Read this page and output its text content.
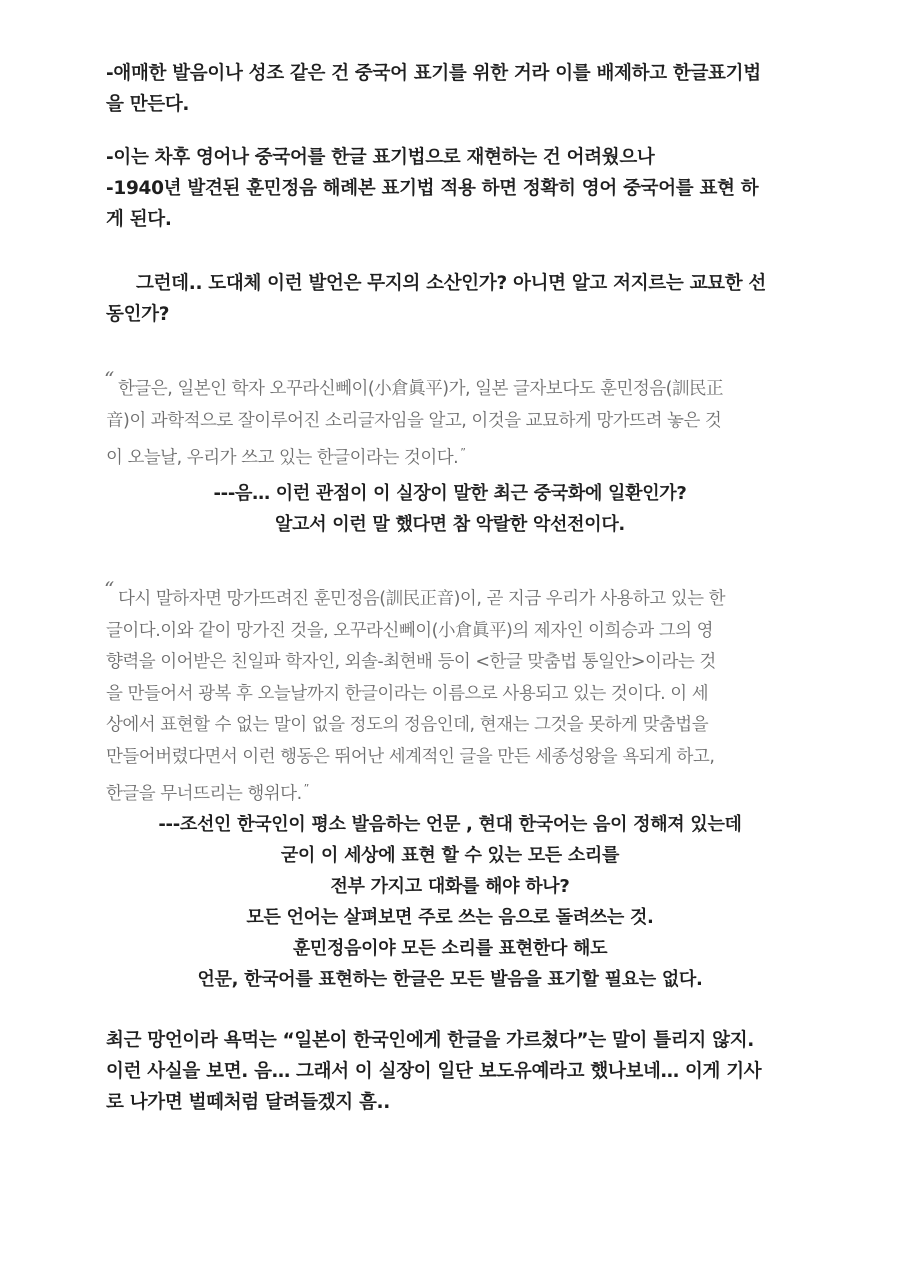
-애매한 발음이나 성조 같은 건 중국어 표기를 위한 거라 이를 배제하고 한글표기법
을 만든다.
-이는 차후 영어나 중국어를 한글 표기법으로 재현하는 건 어려웠으나
-1940년 발견된 훈민정음 해례본 표기법 적용 하면 정확히 영어 중국어를 표현 하
게 된다.
그런데.. 도대체 이런 발언은 무지의 소산인가? 아니면 알고 저지르는 교묘한 선
동인가?
“ 한글은, 일본인 학자 오꾸라신뻬이(小倉眞平)가, 일본 글자보다도 훈민정음(訓民正
音)이 과학적으로 잘이루어진 소리글자임을 알고, 이것을 교묘하게 망가뜨려 놓은 것
이 오늘날, 우리가 쓰고 있는 한글이라는 것이다. ”
---음… 이런 관점이 이 실장이 말한 최근 중국화에 일환인가?
알고서 이런 말 했다면 참 악랄한 악선전이다.
“ 다시 말하자면 망가뜨려진 훈민정음(訓民正音)이, 곧 지금 우리가 사용하고 있는 한
글이다.이와 같이 망가진 것을, 오꾸라신뻬이(小倉眞平)의 제자인 이희승과 그의 영
향력을 이어받은 친일파 학자인, 외솔-최현배 등이 <한글 맞춤법 통일안>이라는 것
을 만들어서 광복 후 오늘날까지 한글이라는 이름으로 사용되고 있는 것이다. 이 세
상에서 표현할 수 없는 말이 없을 정도의 정음인데, 현재는 그것을 못하게 맞춤법을
만들어버렸다면서 이런 행동은 뛰어난 세계적인 글을 만든 세종성왕을 욕되게 하고,
한글을 무너뜨리는 행위다. ”
---조선인 한국인이 평소 발음하는 언문 , 현대 한국어는 음이 정해져 있는데
굳이 이 세상에 표현 할 수 있는 모든 소리를
전부 가지고 대화를 해야 하나?
모든 언어는 살펴보면 주로 쓰는 음으로 돌려쓰는 것.
훈민정음이야 모든 소리를 표현한다 해도
언문, 한국어를 표현하는 한글은 모든 발음을 표기할 필요는 없다.
최근 망언이라 욕먹는 “일본이 한국인에게 한글을 가르쳤다”는 말이 틀리지 않지.
이런 사실을 보면. 음… 그래서 이 실장이 일단 보도유예라고 했나보네… 이게 기사
로 나가면 벌떼처럼 달려들겠지 흠..
